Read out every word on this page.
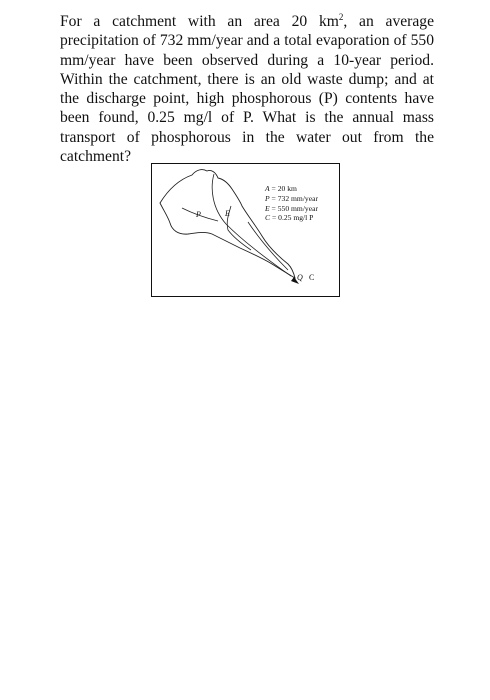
For a catchment with an area 20 $km^2$, an average precipitation of 732 mm/year and a total evaporation of 550 mm/year have been observed during a 10-year period. Within the catchment, there is an old waste dump; and at the discharge point, high phosphorous (P) contents have been found, 0.25 mg/l of P. What is the annual mass transport of phosphorous in the water out from the catchment?

A = 20 km
P = 732 mm/year
E = 550 mm/year
C = 0.25 mg/l P
P	E
Q C
